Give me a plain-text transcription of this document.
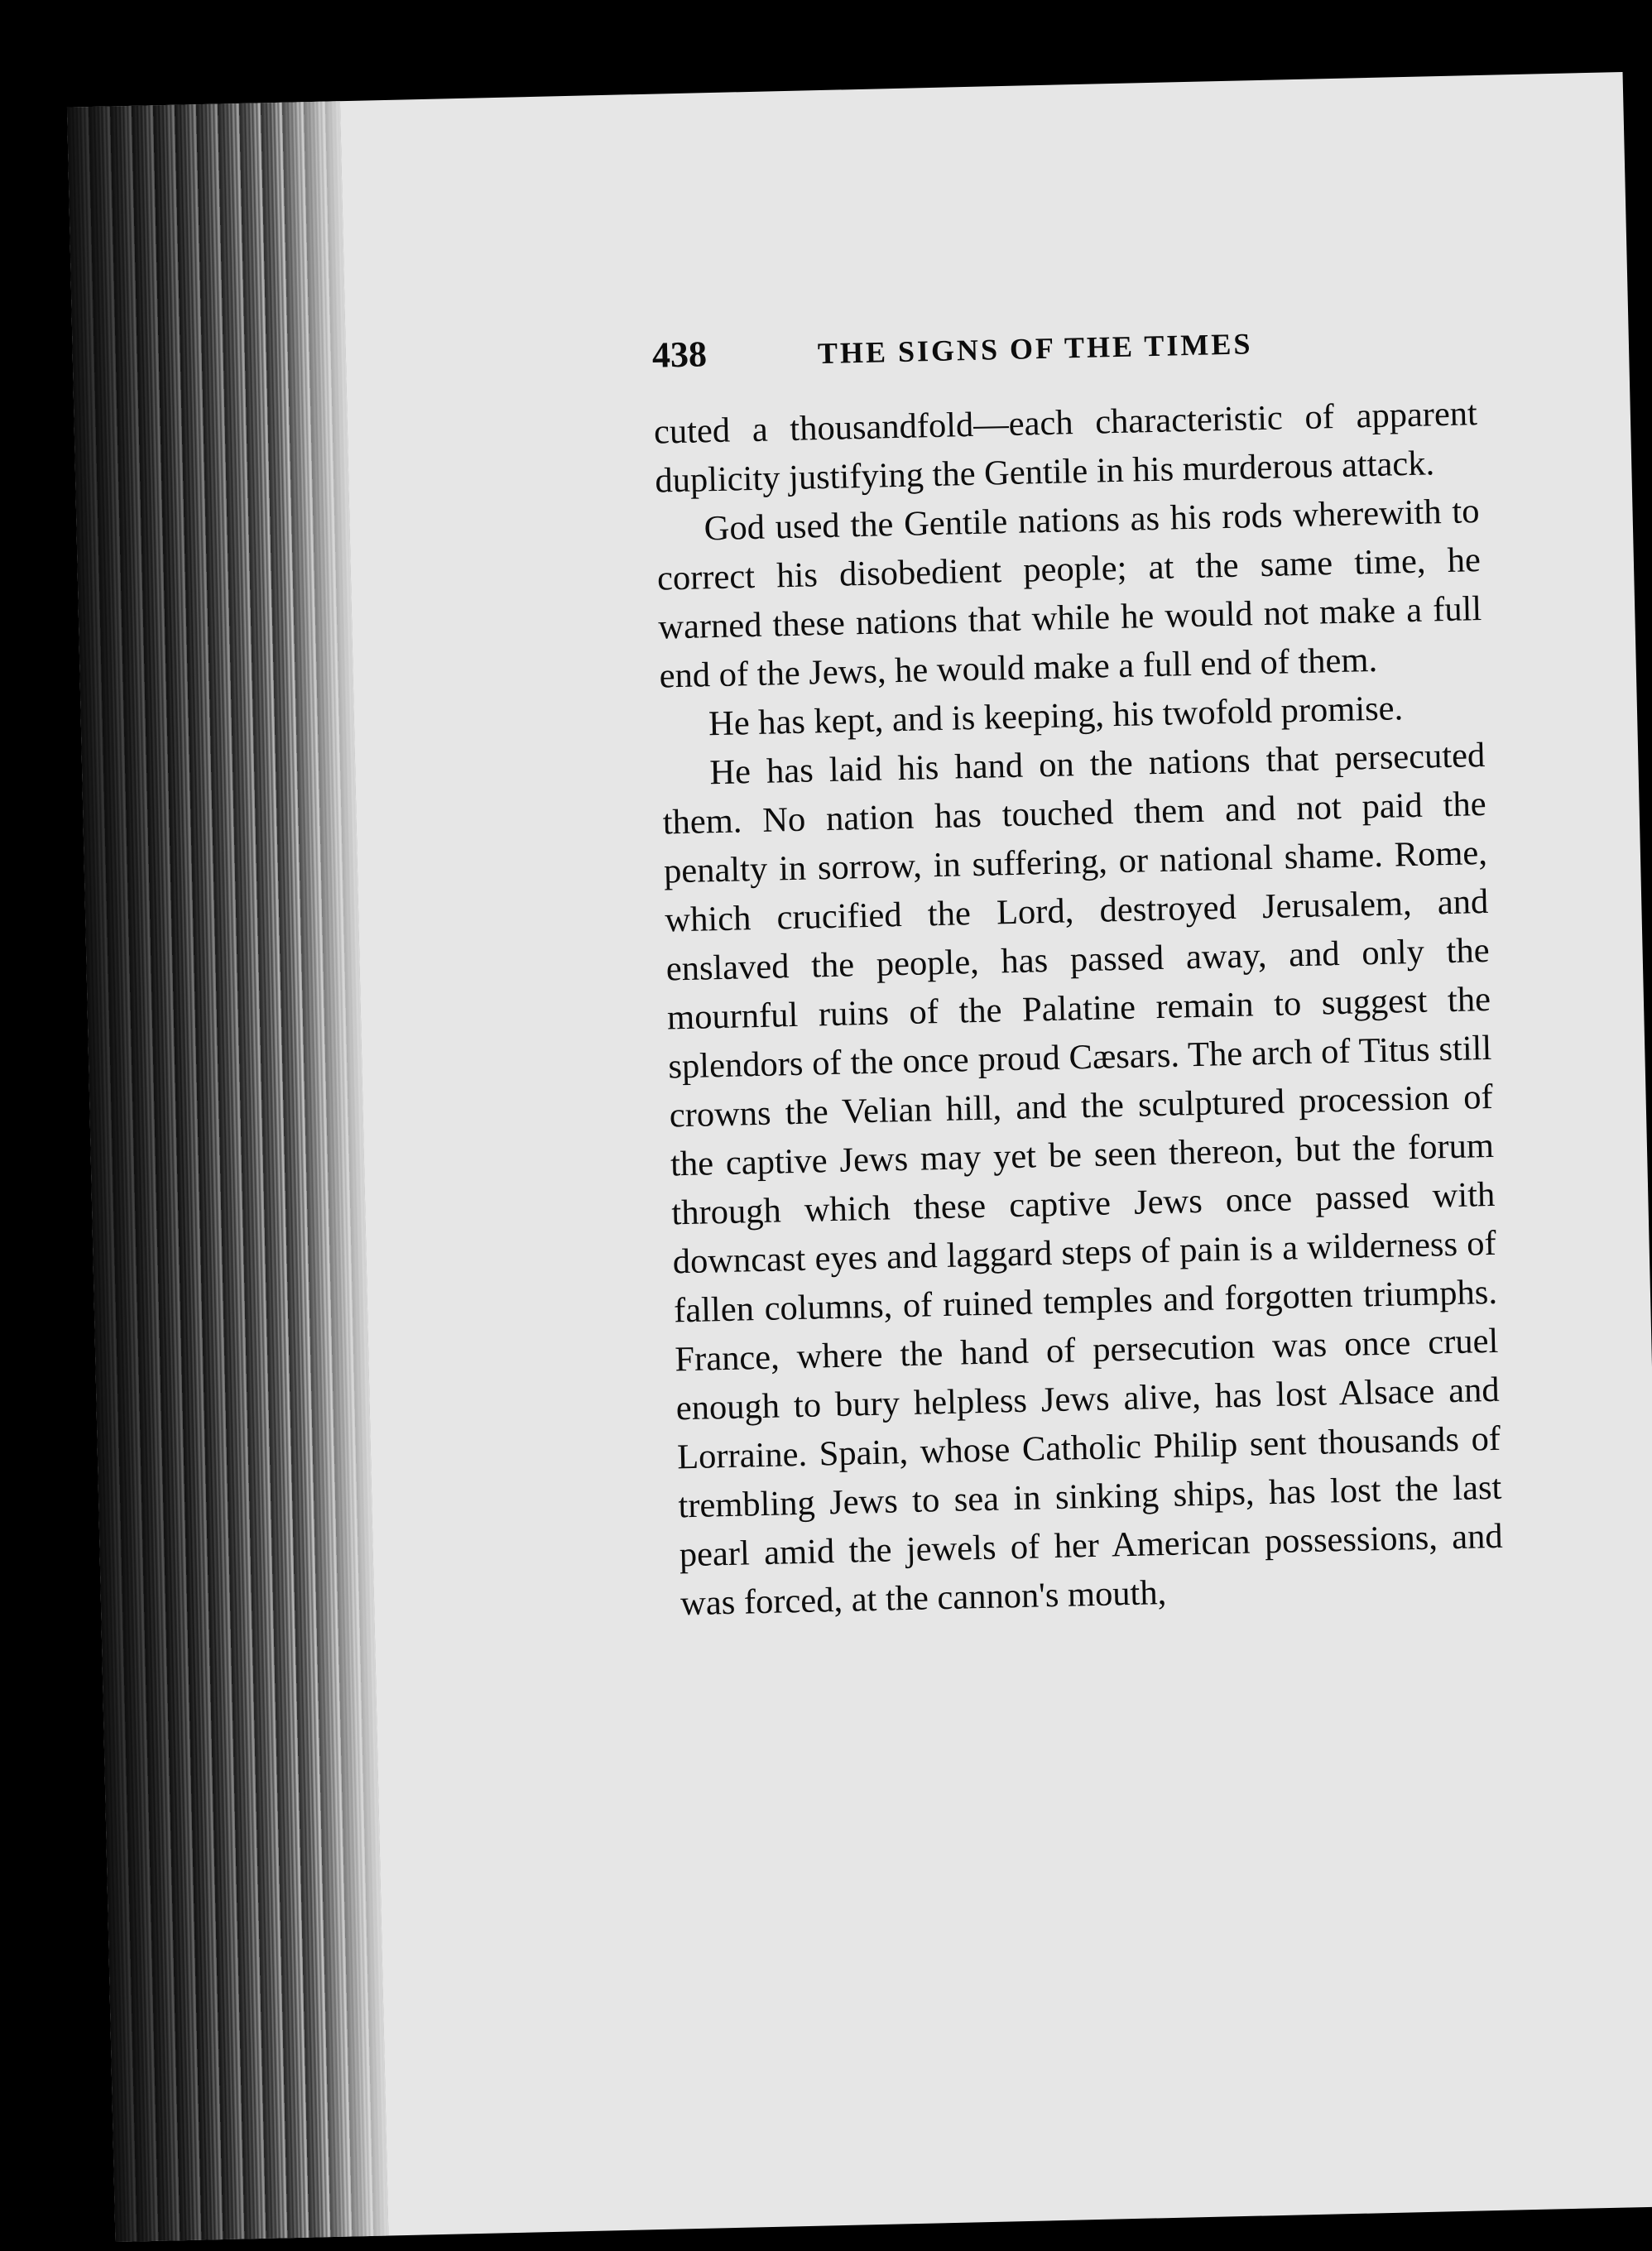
438	THE SIGNS OF THE TIMES

cuted a thousandfold—each characteristic of apparent duplicity justifying the Gentile in his murderous attack.

God used the Gentile nations as his rods wherewith to correct his disobedient people; at the same time, he warned these nations that while he would not make a full end of the Jews, he would make a full end of them.

He has kept, and is keeping, his twofold promise.

He has laid his hand on the nations that persecuted them. No nation has touched them and not paid the penalty in sorrow, in suffering, or national shame. Rome, which crucified the Lord, destroyed Jerusalem, and enslaved the people, has passed away, and only the mournful ruins of the Palatine remain to suggest the splendors of the once proud Cæsars. The arch of Titus still crowns the Velian hill, and the sculptured procession of the captive Jews may yet be seen thereon, but the forum through which these captive Jews once passed with downcast eyes and laggard steps of pain is a wilderness of fallen columns, of ruined temples and forgotten triumphs. France, where the hand of persecution was once cruel enough to bury helpless Jews alive, has lost Alsace and Lorraine. Spain, whose Catholic Philip sent thousands of trembling Jews to sea in sinking ships, has lost the last pearl amid the jewels of her American possessions, and was forced, at the cannon's mouth,
